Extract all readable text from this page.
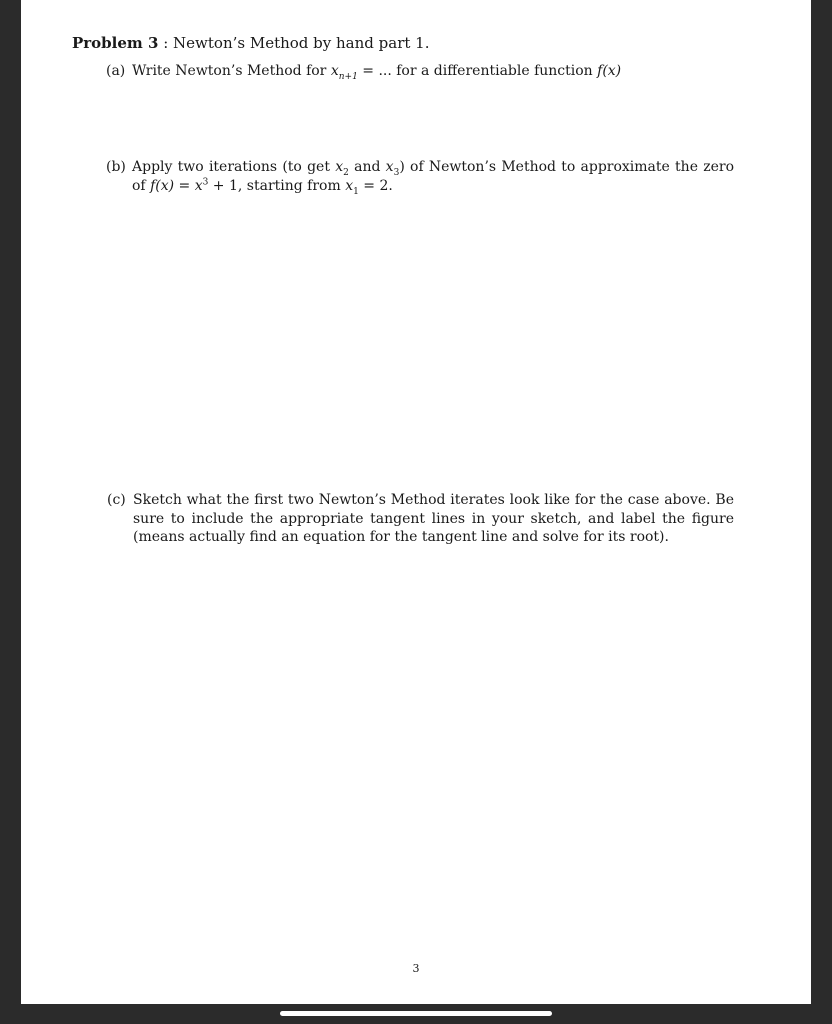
Problem 3 : Newton’s Method by hand part 1.
(a) Write Newton’s Method for $x_{n+1}$ = ... for a differentiable function f(x)
(b) Apply two iterations (to get $x_2$ and $x_3$) of Newton’s Method to approximate the zero of $f(x) = x^3 + 1$, starting from $x_1 = 2$.
(c) Sketch what the first two Newton’s Method iterates look like for the case above. Be sure to include the appropriate tangent lines in your sketch, and label the figure (means actually find an equation for the tangent line and solve for its root).
3
